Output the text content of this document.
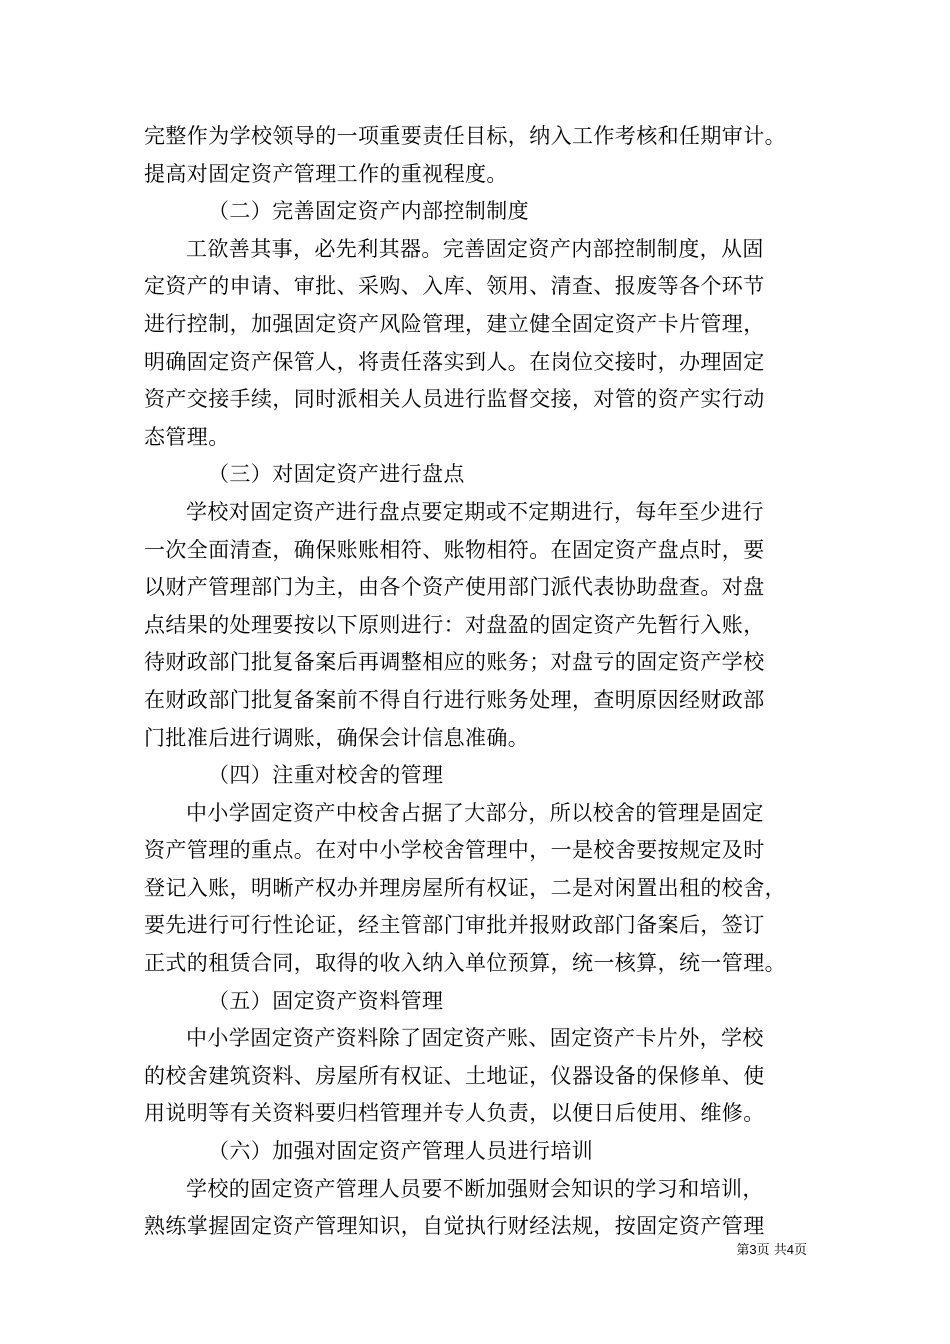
完整作为学校领导的一项重要责任目标，纳入工作考核和任期审计。
提高对固定资产管理工作的重视程度。
（二）完善固定资产内部控制制度
工欲善其事，必先利其器。完善固定资产内部控制制度，从固
定资产的申请、审批、采购、入库、领用、清查、报废等各个环节
进行控制，加强固定资产风险管理，建立健全固定资产卡片管理，
明确固定资产保管人，将责任落实到人。在岗位交接时，办理固定
资产交接手续，同时派相关人员进行监督交接，对管的资产实行动
态管理。
（三）对固定资产进行盘点
学校对固定资产进行盘点要定期或不定期进行，每年至少进行
一次全面清查，确保账账相符、账物相符。在固定资产盘点时，要
以财产管理部门为主，由各个资产使用部门派代表协助盘查。对盘
点结果的处理要按以下原则进行：对盘盈的固定资产先暂行入账，
待财政部门批复备案后再调整相应的账务；对盘亏的固定资产学校
在财政部门批复备案前不得自行进行账务处理，查明原因经财政部
门批准后进行调账，确保会计信息准确。
（四）注重对校舍的管理
中小学固定资产中校舍占据了大部分，所以校舍的管理是固定
资产管理的重点。在对中小学校舍管理中，一是校舍要按规定及时
登记入账，明晰产权办并理房屋所有权证，二是对闲置出租的校舍，
要先进行可行性论证，经主管部门审批并报财政部门备案后，签订
正式的租赁合同，取得的收入纳入单位预算，统一核算，统一管理。
（五）固定资产资料管理
中小学固定资产资料除了固定资产账、固定资产卡片外，学校
的校舍建筑资料、房屋所有权证、土地证，仪器设备的保修单、使
用说明等有关资料要归档管理并专人负责，以便日后使用、维修。
（六）加强对固定资产管理人员进行培训
学校的固定资产管理人员要不断加强财会知识的学习和培训，
熟练掌握固定资产管理知识，自觉执行财经法规，按固定资产管理
第3页 共4页
